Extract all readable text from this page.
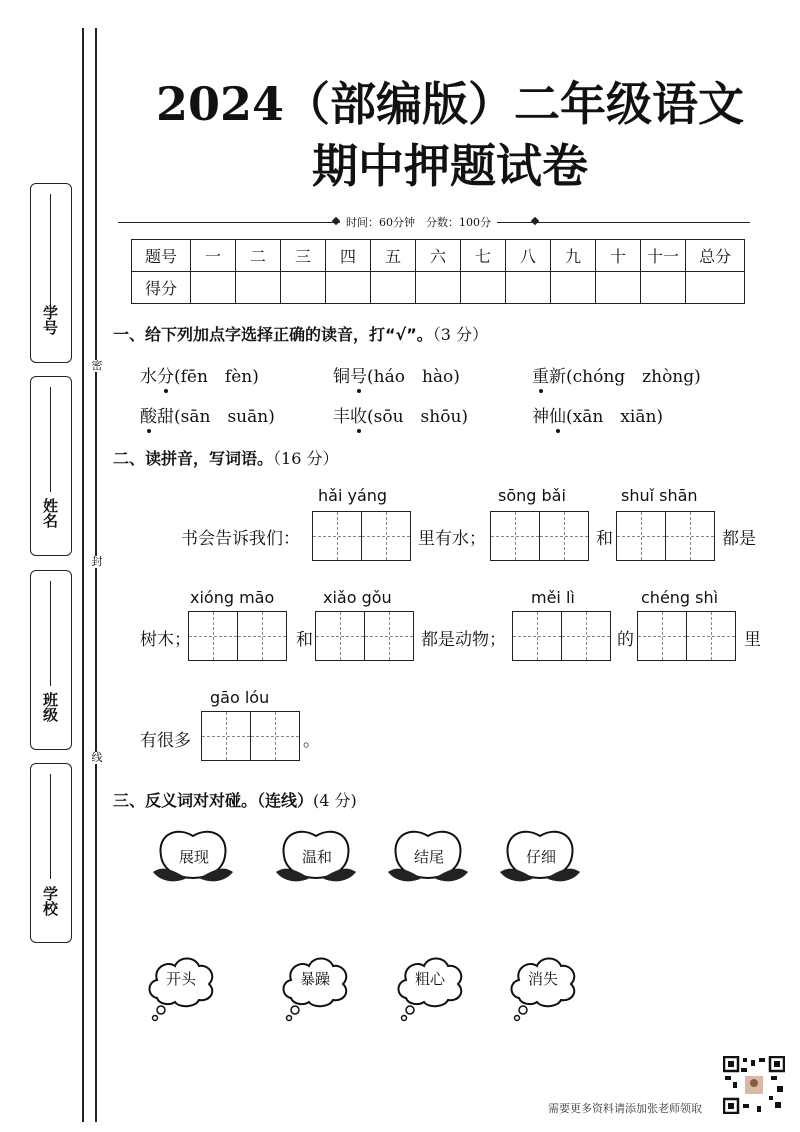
学号
姓名
班级
学校
密
封
线
2024（部编版）二年级语文
期中押题试卷
时间：60分钟　分数：100分
题号	一	二	三	四	五	六	七	八	九	十	十一	总分
得分												
一、给下列加点字选择正确的读音，打“√”。（3 分）
水分(fēn　fèn)	铜号(háo　hào)	重新(chóng　zhòng)
酸甜(sān　suān)	丰收(sōu　shōu)	神仙(xān　xiān)
二、读拼音，写词语。（16 分）
hǎi yáng	sōng bǎi	shuǐ shān
书会告诉我们：	里有水；	和	都是
xióng māo	xiǎo gǒu	měi lì	chéng shì
树木；	和	都是动物；	的	里
gāo lóu
有很多	。
三、反义词对对碰。（连线）(4 分)
展现	温和	结尾	仔细
开头	暴躁	粗心	消失
需要更多资料请添加张老师领取
